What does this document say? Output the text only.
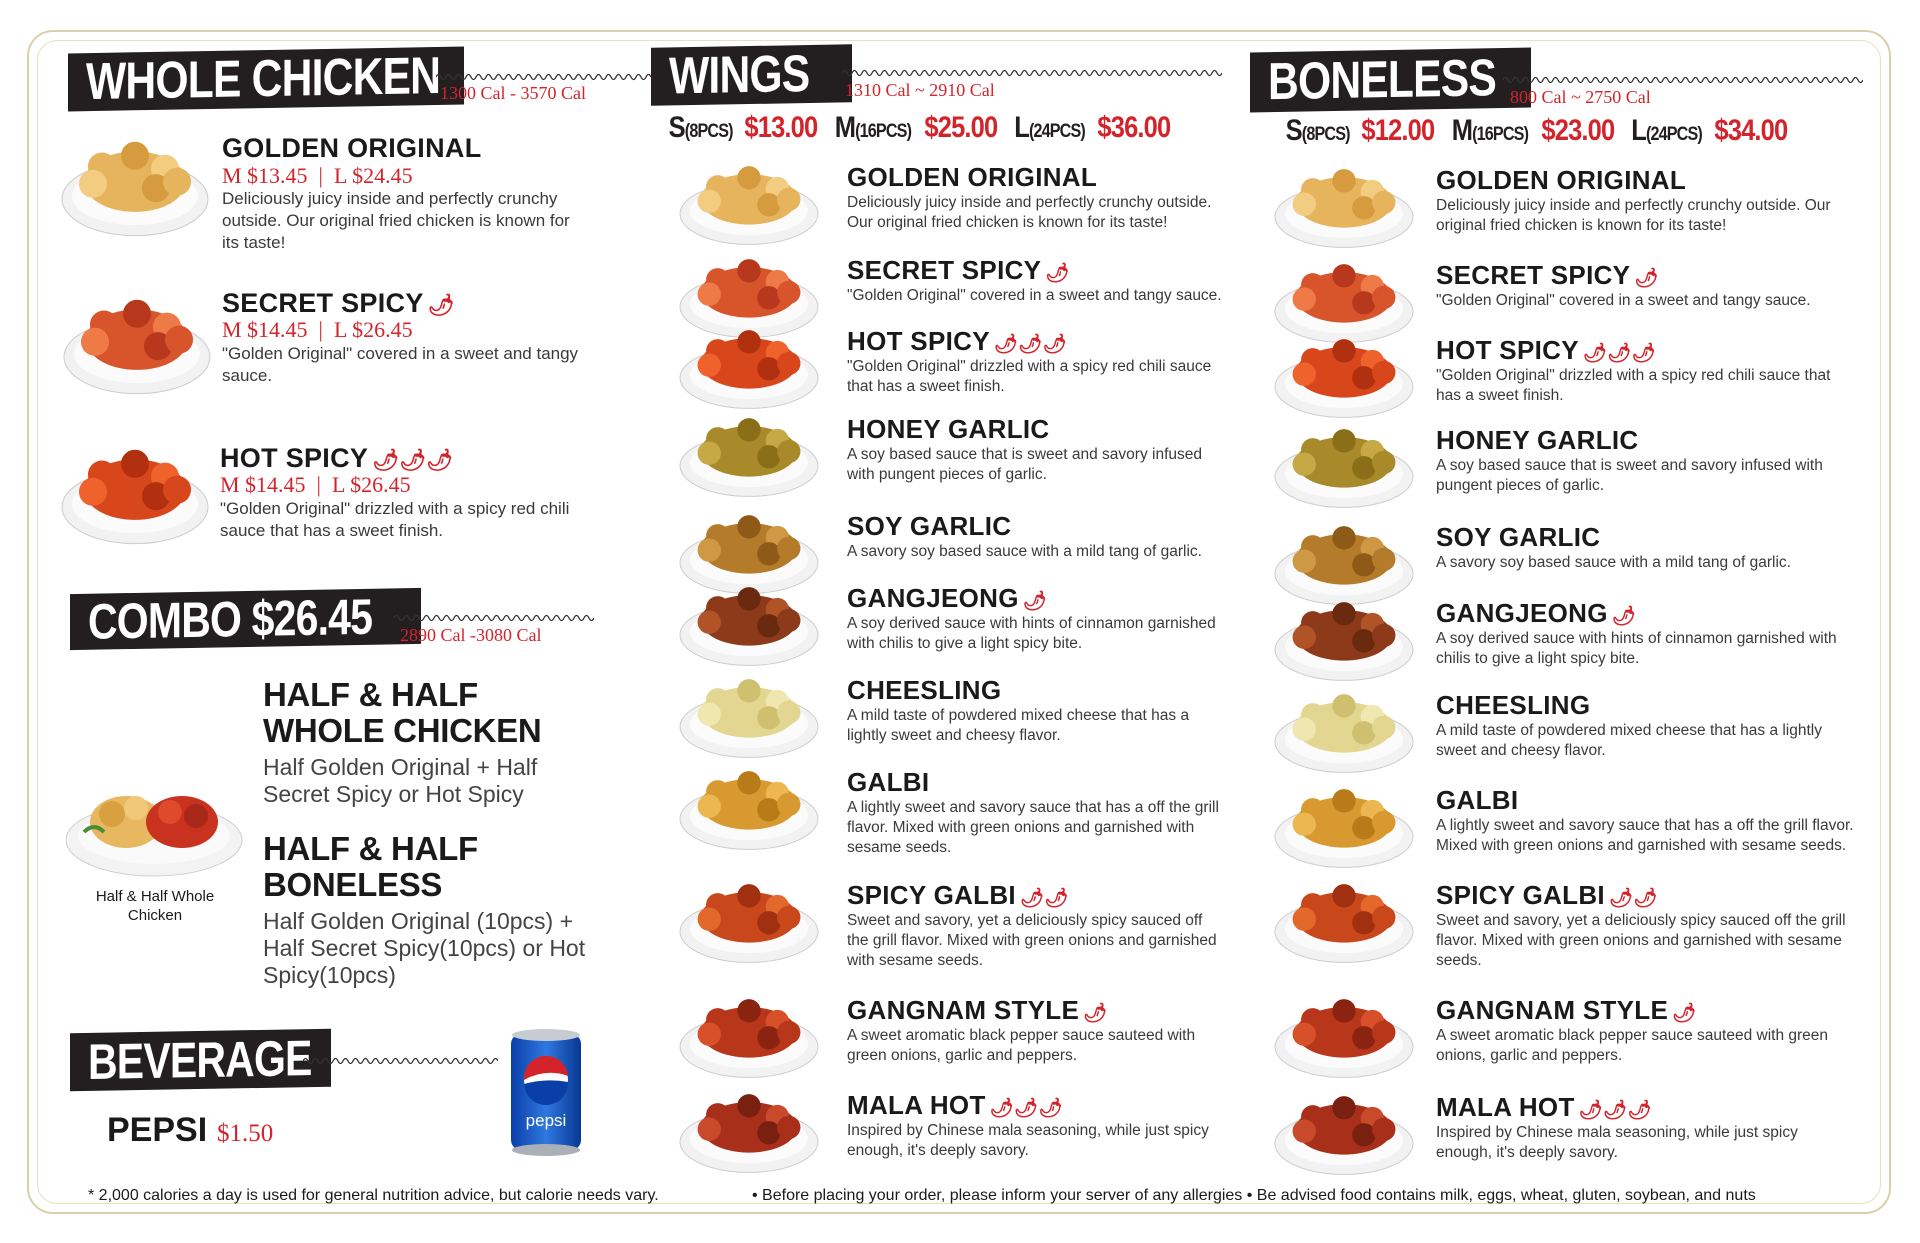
WHOLE CHICKEN 1300 Cal - 3570 Cal
GOLDEN ORIGINAL
M $13.45  |  L $24.45
Deliciously juicy inside and perfectly crunchy outside. Our original fried chicken is known for its taste!
SECRET SPICY 🌶
M $14.45  |  L $26.45
"Golden Original" covered in a sweet and tangy sauce.
HOT SPICY 🌶🌶🌶
M $14.45  |  L $26.45
"Golden Original" drizzled with a spicy red chili sauce that has a sweet finish.
COMBO $26.45 2890 Cal -3080 Cal
Half & Half Whole Chicken
HALF & HALF WHOLE CHICKEN
Half Golden Original + Half Secret Spicy or Hot Spicy
HALF & HALF BONELESS
Half Golden Original (10pcs) + Half Secret Spicy(10pcs) or Hot Spicy(10pcs)
BEVERAGE
PEPSI $1.50	pepsi
WINGS 1310 Cal ~ 2910 Cal
S(8PCS)$13.00 M(16PCS)$25.00 L(24PCS)$36.00
GOLDEN ORIGINAL
Deliciously juicy inside and perfectly crunchy outside. Our original fried chicken is known for its taste!
SECRET SPICY 🌶
"Golden Original" covered in a sweet and tangy sauce.
HOT SPICY 🌶🌶🌶
"Golden Original" drizzled with a spicy red chili sauce that has a sweet finish.
HONEY GARLIC
A soy based sauce that is sweet and savory infused with pungent pieces of garlic.
SOY GARLIC
A savory soy based sauce with a mild tang of garlic.
GANGJEONG 🌶
A soy derived sauce with hints of cinnamon garnished with chilis to give a light spicy bite.
CHEESLING
A mild taste of powdered mixed cheese that has a lightly sweet and cheesy flavor.
GALBI
A lightly sweet and savory sauce that has a off the grill flavor. Mixed with green onions and garnished with sesame seeds.
SPICY GALBI 🌶🌶
Sweet and savory, yet a deliciously spicy sauced off the grill flavor. Mixed with green onions and garnished with sesame seeds.
GANGNAM STYLE 🌶
A sweet aromatic black pepper sauce sauteed with green onions, garlic and peppers.
MALA HOT 🌶🌶🌶
Inspired by Chinese mala seasoning, while just spicy enough, it's deeply savory.
BONELESS 800 Cal ~ 2750 Cal
S(8PCS)$12.00 M(16PCS)$23.00 L(24PCS)$34.00
GOLDEN ORIGINAL
Deliciously juicy inside and perfectly crunchy outside. Our original fried chicken is known for its taste!
SECRET SPICY 🌶
"Golden Original" covered in a sweet and tangy sauce.
HOT SPICY 🌶🌶🌶
"Golden Original" drizzled with a spicy red chili sauce that has a sweet finish.
HONEY GARLIC
A soy based sauce that is sweet and savory infused with pungent pieces of garlic.
SOY GARLIC
A savory soy based sauce with a mild tang of garlic.
GANGJEONG 🌶
A soy derived sauce with hints of cinnamon garnished with chilis to give a light spicy bite.
CHEESLING
A mild taste of powdered mixed cheese that has a lightly sweet and cheesy flavor.
GALBI
A lightly sweet and savory sauce that has a off the grill flavor. Mixed with green onions and garnished with sesame seeds.
SPICY GALBI 🌶🌶
Sweet and savory, yet a deliciously spicy sauced off the grill flavor. Mixed with green onions and garnished with sesame seeds.
GANGNAM STYLE 🌶
A sweet aromatic black pepper sauce sauteed with green onions, garlic and peppers.
MALA HOT 🌶🌶🌶
Inspired by Chinese mala seasoning, while just spicy enough, it's deeply savory.
* 2,000 calories a day is used for general nutrition advice, but calorie needs vary.	• Before placing your order, please inform your server of any allergies • Be advised food contains milk, eggs, wheat, gluten, soybean, and nuts
